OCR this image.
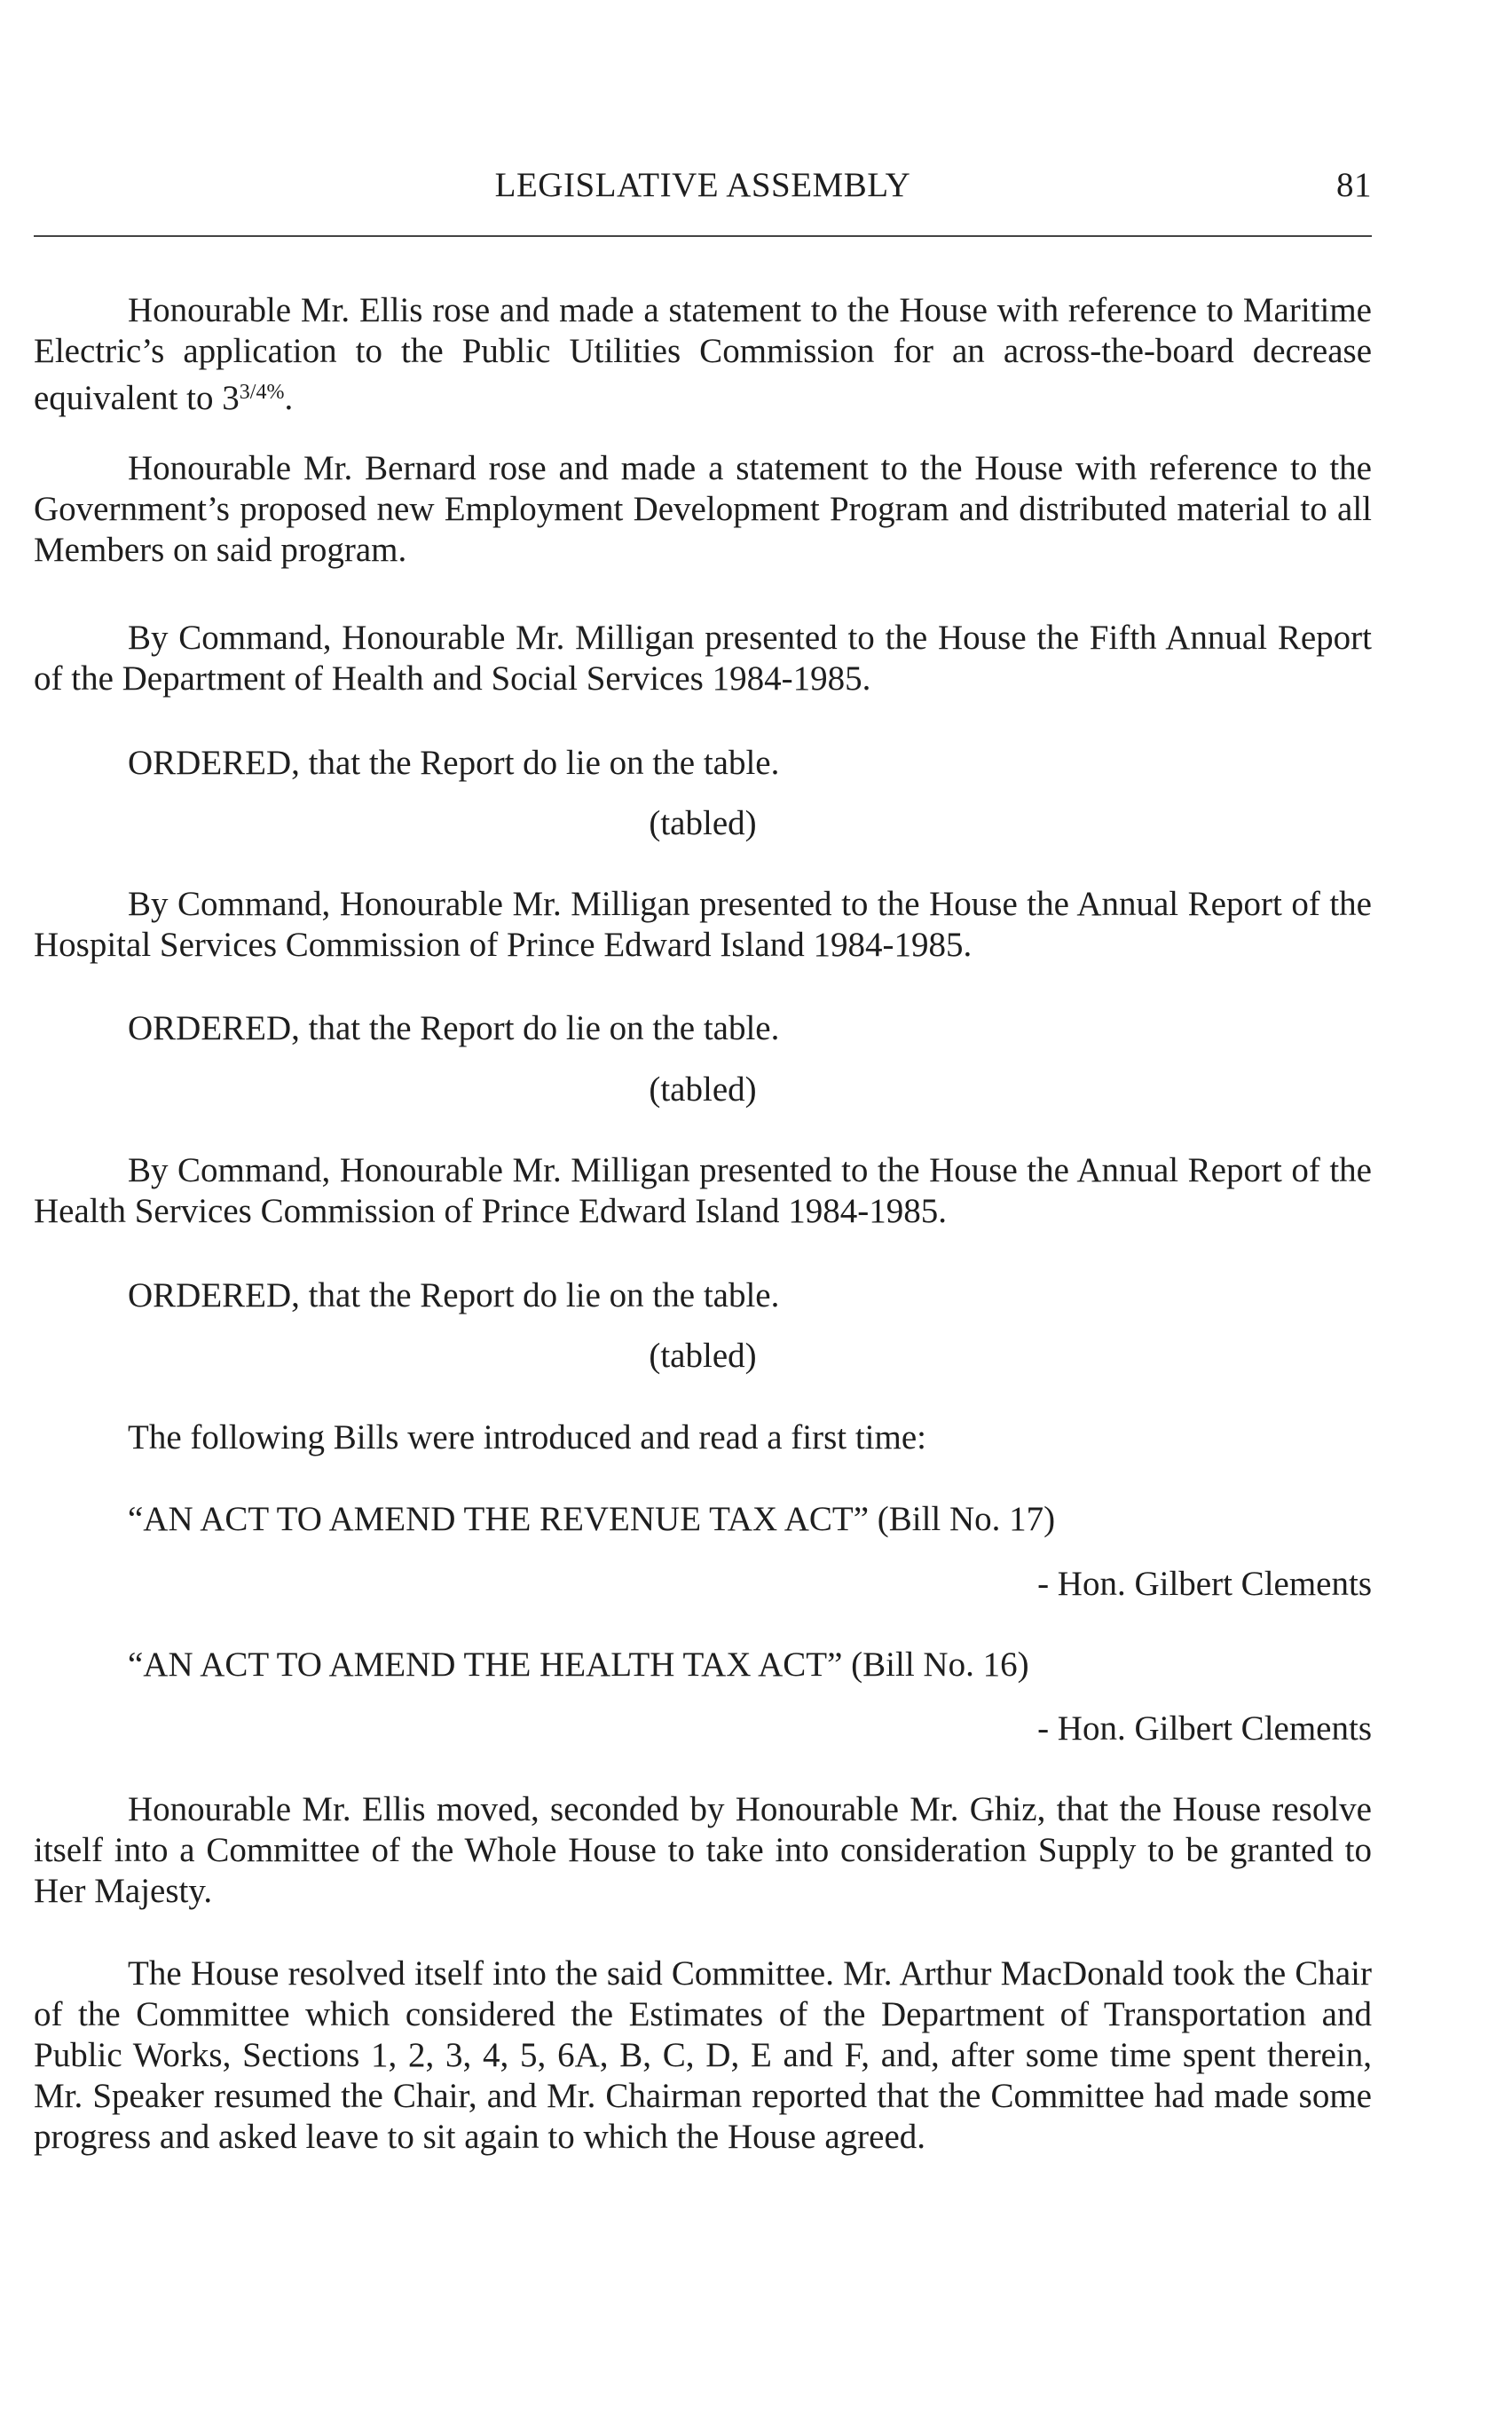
LEGISLATIVE ASSEMBLY	81

Honourable Mr. Ellis rose and made a statement to the House with reference to Maritime Electric’s application to the Public Utilities Commission for an across-the-board decrease equivalent to $3^{3/4\%}$.

Honourable Mr. Bernard rose and made a statement to the House with reference to the Government’s proposed new Employment Development Program and distributed material to all Members on said program.

By Command, Honourable Mr. Milligan presented to the House the Fifth Annual Report of the Department of Health and Social Services 1984-1985.

ORDERED, that the Report do lie on the table.

(tabled)

By Command, Honourable Mr. Milligan presented to the House the Annual Report of the Hospital Services Commission of Prince Edward Island 1984-1985.

ORDERED, that the Report do lie on the table.

(tabled)

By Command, Honourable Mr. Milligan presented to the House the Annual Report of the Health Services Commission of Prince Edward Island 1984-1985.

ORDERED, that the Report do lie on the table.

(tabled)

The following Bills were introduced and read a first time:

“AN ACT TO AMEND THE REVENUE TAX ACT” (Bill No. 17)

- Hon. Gilbert Clements

“AN ACT TO AMEND THE HEALTH TAX ACT” (Bill No. 16)

- Hon. Gilbert Clements

Honourable Mr. Ellis moved, seconded by Honourable Mr. Ghiz, that the House resolve itself into a Committee of the Whole House to take into consideration Supply to be granted to Her Majesty.

The House resolved itself into the said Committee. Mr. Arthur MacDonald took the Chair of the Committee which considered the Estimates of the Department of Transportation and Public Works, Sections 1, 2, 3, 4, 5, 6A, B, C, D, E and F, and, after some time spent therein, Mr. Speaker resumed the Chair, and Mr. Chairman reported that the Committee had made some progress and asked leave to sit again to which the House agreed.
